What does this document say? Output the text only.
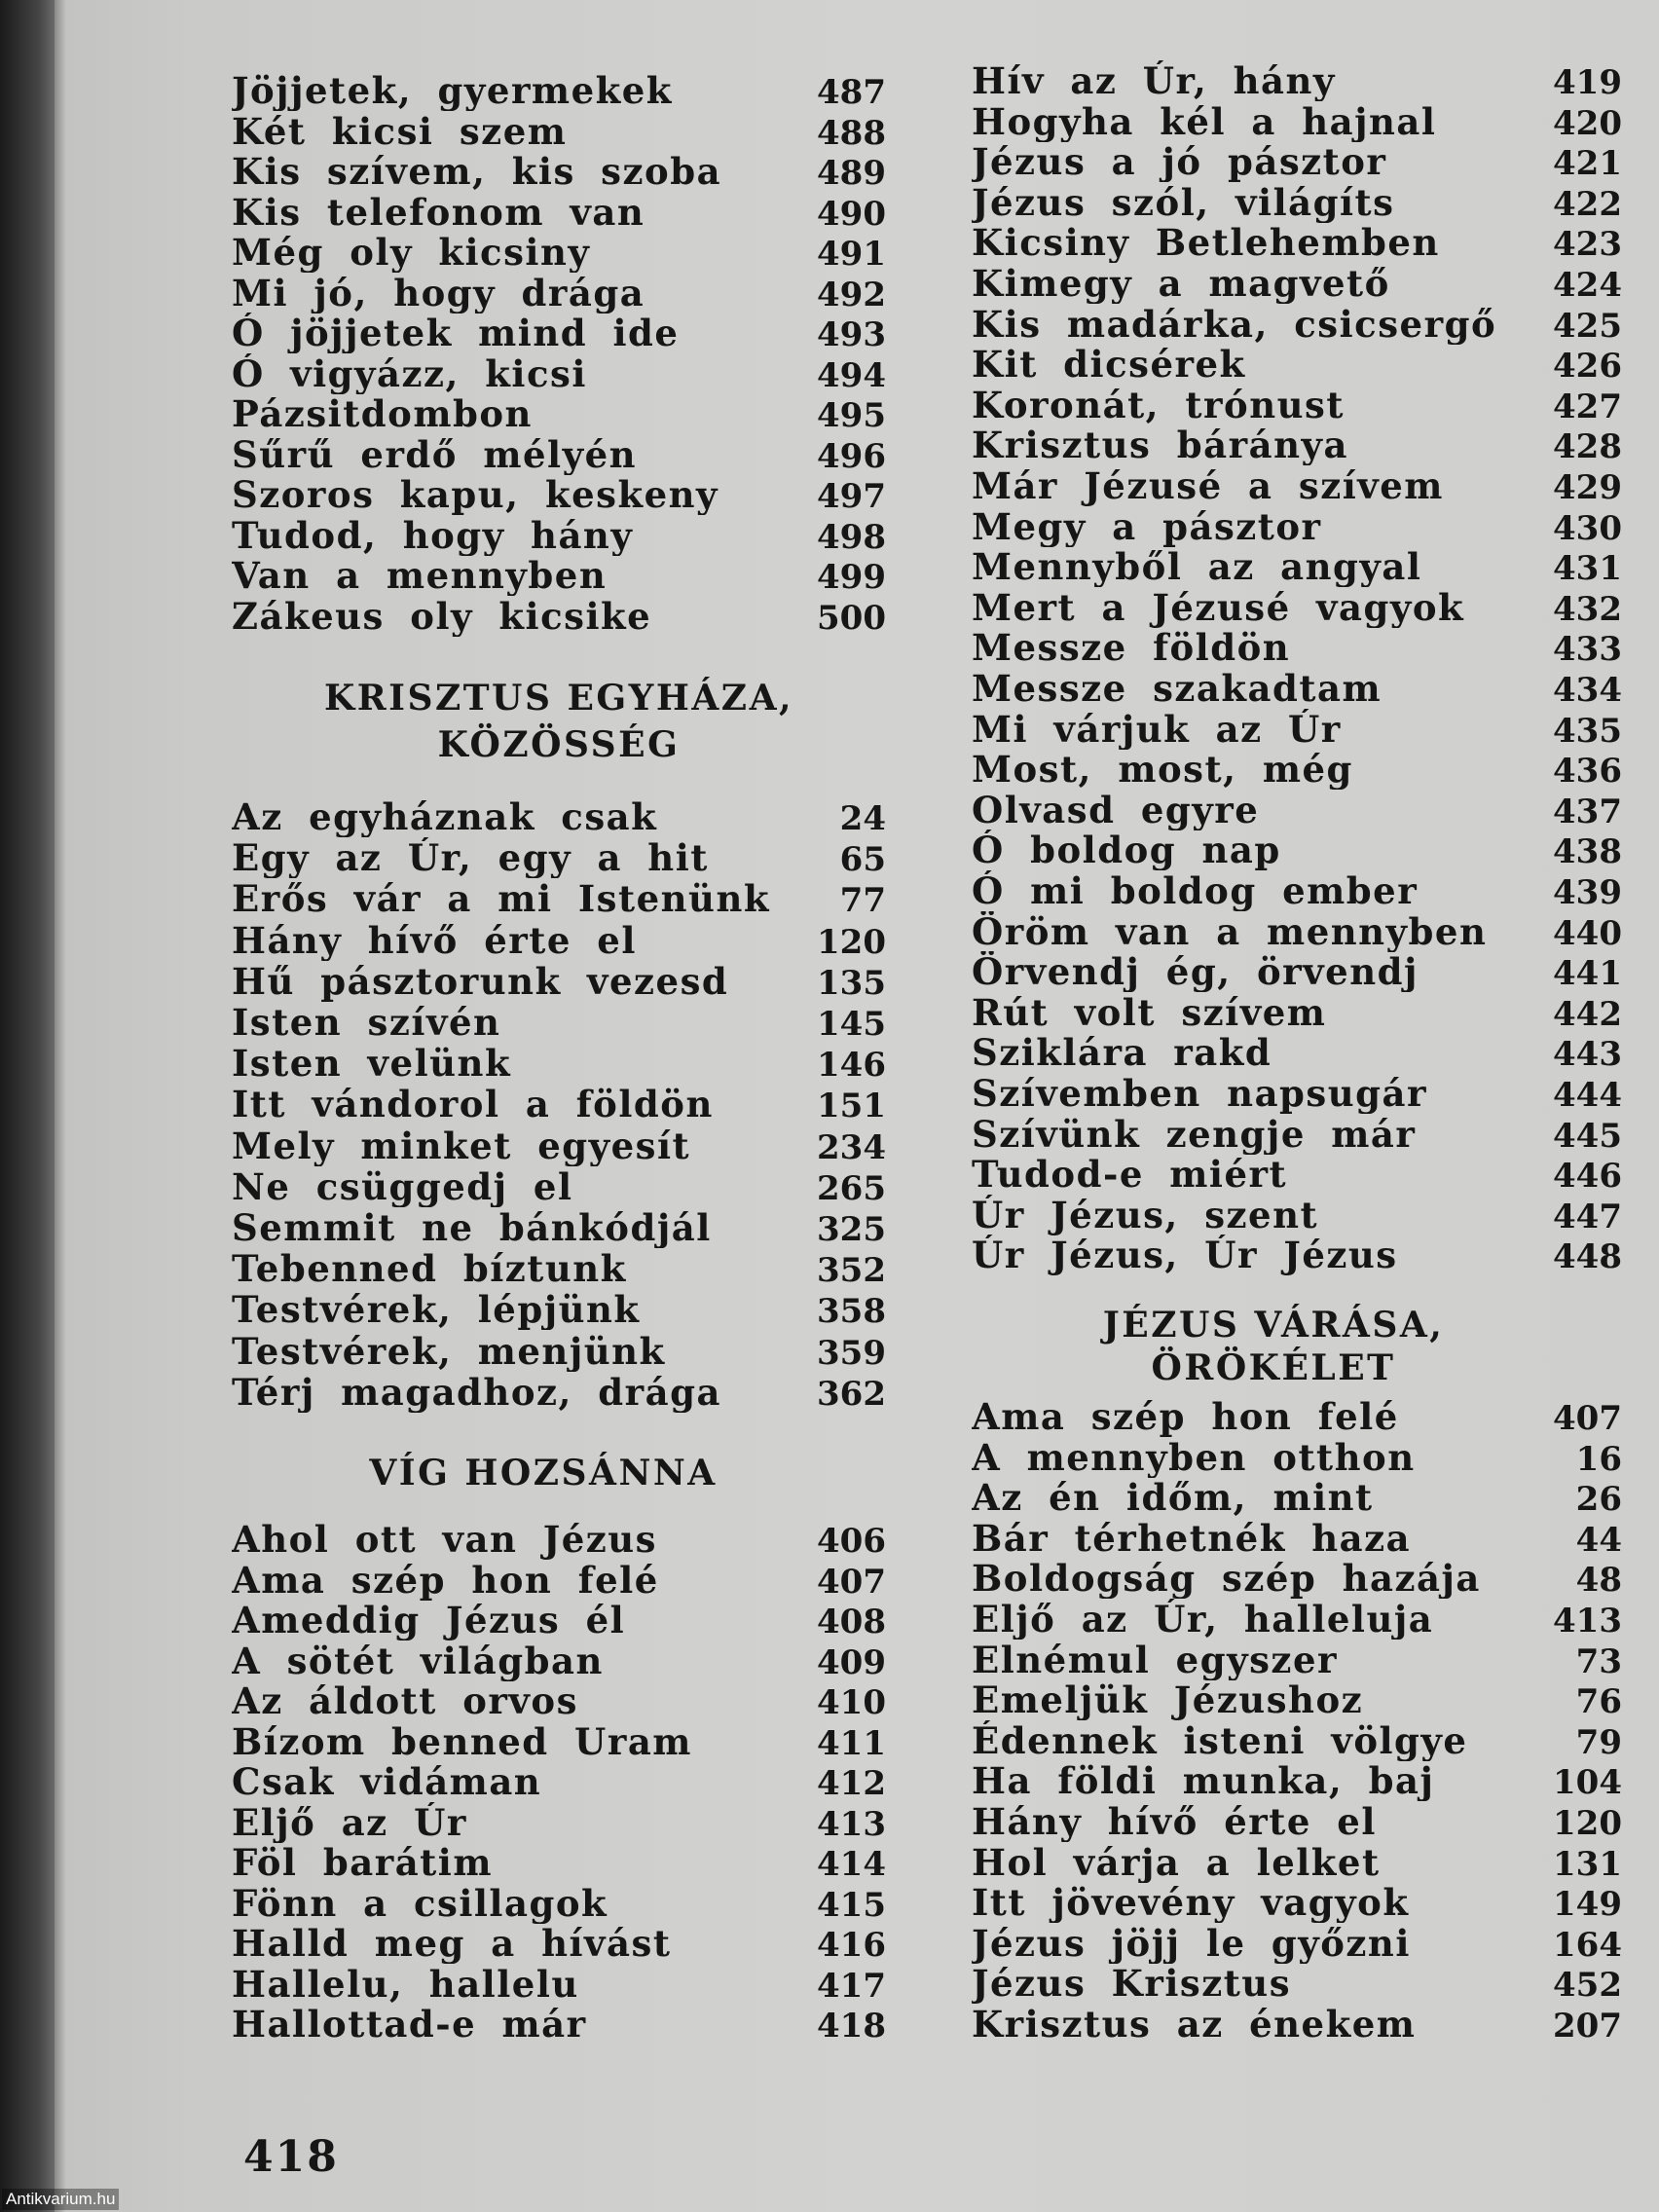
Jöjjetek, gyermekek	487
Két kicsi szem	488
Kis szívem, kis szoba	489
Kis telefonom van	490
Még oly kicsiny	491
Mi jó, hogy drága	492
Ó jöjjetek mind ide	493
Ó vigyázz, kicsi	494
Pázsitdombon	495
Sűrű erdő mélyén	496
Szoros kapu, keskeny	497
Tudod, hogy hány	498
Van a mennyben	499
Zákeus oly kicsike	500
KRISZTUS EGYHÁZA,
KÖZÖSSÉG
Az egyháznak csak	24
Egy az Úr, egy a hit	65
Erős vár a mi Istenünk	77
Hány hívő érte el	120
Hű pásztorunk vezesd	135
Isten szívén	145
Isten velünk	146
Itt vándorol a földön	151
Mely minket egyesít	234
Ne csüggedj el	265
Semmit ne bánkódjál	325
Tebenned bíztunk	352
Testvérek, lépjünk	358
Testvérek, menjünk	359
Térj magadhoz, drága	362
VÍG HOZSÁNNA
Ahol ott van Jézus	406
Ama szép hon felé	407
Ameddig Jézus él	408
A sötét világban	409
Az áldott orvos	410
Bízom benned Uram	411
Csak vidáman	412
Eljő az Úr	413
Föl barátim	414
Fönn a csillagok	415
Halld meg a hívást	416
Hallelu, hallelu	417
Hallottad-e már	418
Hív az Úr, hány	419
Hogyha kél a hajnal	420
Jézus a jó pásztor	421
Jézus szól, világíts	422
Kicsiny Betlehemben	423
Kimegy a magvető	424
Kis madárka, csicsergő 425
Kit dicsérek	426
Koronát, trónust	427
Krisztus báránya	428
Már Jézusé a szívem	429
Megy a pásztor	430
Mennyből az angyal	431
Mert a Jézusé vagyok	432
Messze földön	433
Messze szakadtam	434
Mi várjuk az Úr	435
Most, most, még	436
Olvasd egyre	437
Ó boldog nap	438
Ó mi boldog ember	439
Öröm van a mennyben 440
Örvendj ég, örvendj	441
Rút volt szívem	442
Sziklára rakd	443
Szívemben napsugár	444
Szívünk zengje már	445
Tudod-e miért	446
Úr Jézus, szent	447
Úr Jézus, Úr Jézus	448
JÉZUS VÁRÁSA,
ÖRÖKÉLET
Ama szép hon felé	407
A mennyben otthon	16
Az én időm, mint	26
Bár térhetnék haza	44
Boldogság szép hazája	48
Eljő az Úr, halleluja	413
Elnémul egyszer	73
Emeljük Jézushoz	76
Édennek isteni völgye	79
Ha földi munka, baj	104
Hány hívő érte el	120
Hol várja a lelket	131
Itt jövevény vagyok	149
Jézus jöjj le győzni	164
Jézus Krisztus	452
Krisztus az énekem	207
418
Antikvarium.hu
